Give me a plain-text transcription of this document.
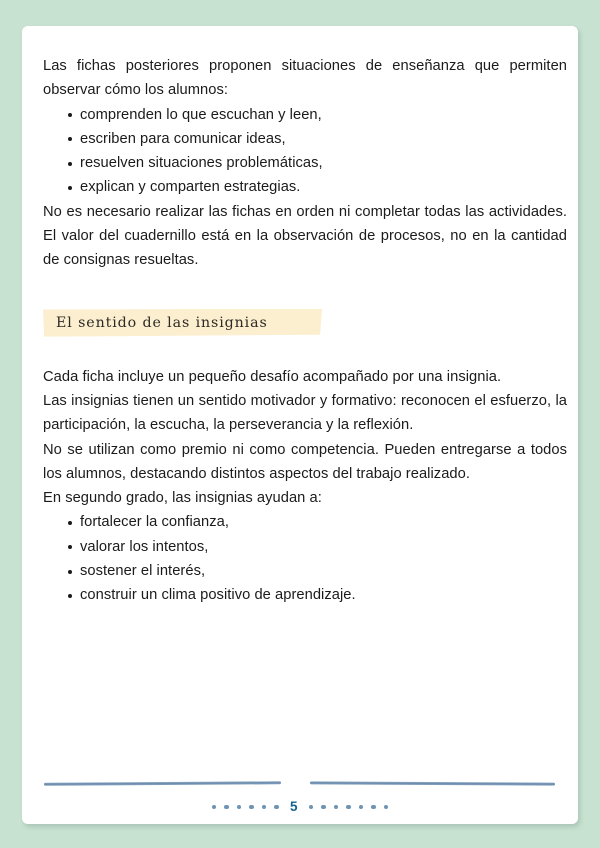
Las fichas posteriores proponen situaciones de enseñanza que permiten observar cómo los alumnos:

comprenden lo que escuchan y leen,
escriben para comunicar ideas,
resuelven situaciones problemáticas,
explican y comparten estrategias.

No es necesario realizar las fichas en orden ni completar todas las actividades. El valor del cuadernillo está en la observación de procesos, no en la cantidad de consignas resueltas.

El sentido de las insignias

Cada ficha incluye un pequeño desafío acompañado por una insignia.

Las insignias tienen un sentido motivador y formativo: reconocen el esfuerzo, la participación, la escucha, la perseverancia y la reflexión.

No se utilizan como premio ni como competencia. Pueden entregarse a todos los alumnos, destacando distintos aspectos del trabajo realizado.

En segundo grado, las insignias ayudan a:

fortalecer la confianza,
valorar los intentos,
sostener el interés,
construir un clima positivo de aprendizaje.
5
